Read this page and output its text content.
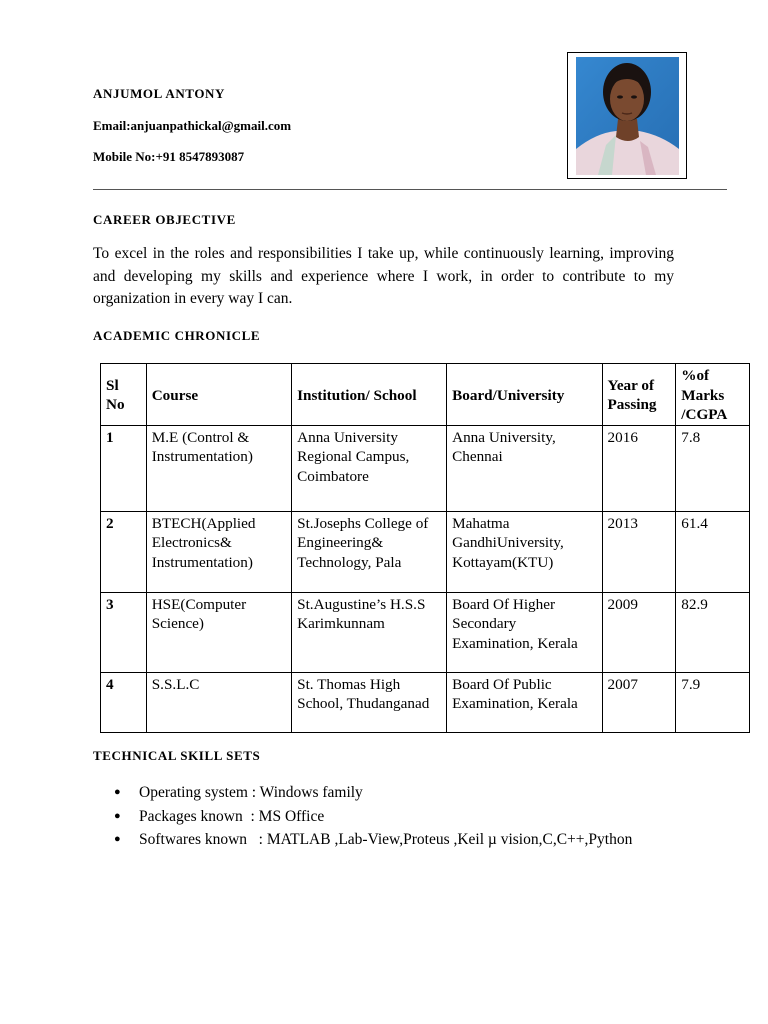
ANJUMOL ANTONY
Email:anjuanpathickal@gmail.com
Mobile No:+91 8547893087
CAREER OBJECTIVE
To excel in the roles and responsibilities I take up, while continuously learning, improving and developing my skills and experience where I work, in order to contribute to my organization in every way I can.
ACADEMIC CHRONICLE
Sl No	Course	Institution/ School	Board/University	Year of Passing	%of Marks /CGPA
1	M.E (Control & Instrumentation)	Anna University Regional Campus, Coimbatore	Anna University, Chennai	2016	7.8
2	BTECH(Applied Electronics& Instrumentation)	St.Josephs College of Engineering& Technology, Pala	Mahatma GandhiUniversity, Kottayam(KTU)	2013	61.4
3	HSE(Computer Science)	St.Augustine’s H.S.S Karimkunnam	Board Of Higher Secondary Examination, Kerala	2009	82.9
4	S.S.L.C	St. Thomas High School, Thudanganad	Board Of Public Examination, Kerala	2007	7.9
TECHNICAL SKILL SETS
● Operating system : Windows family
● Packages known  : MS Office
● Softwares known   : MATLAB ,Lab-View,Proteus ,Keil µ vision,C,C++,Python
